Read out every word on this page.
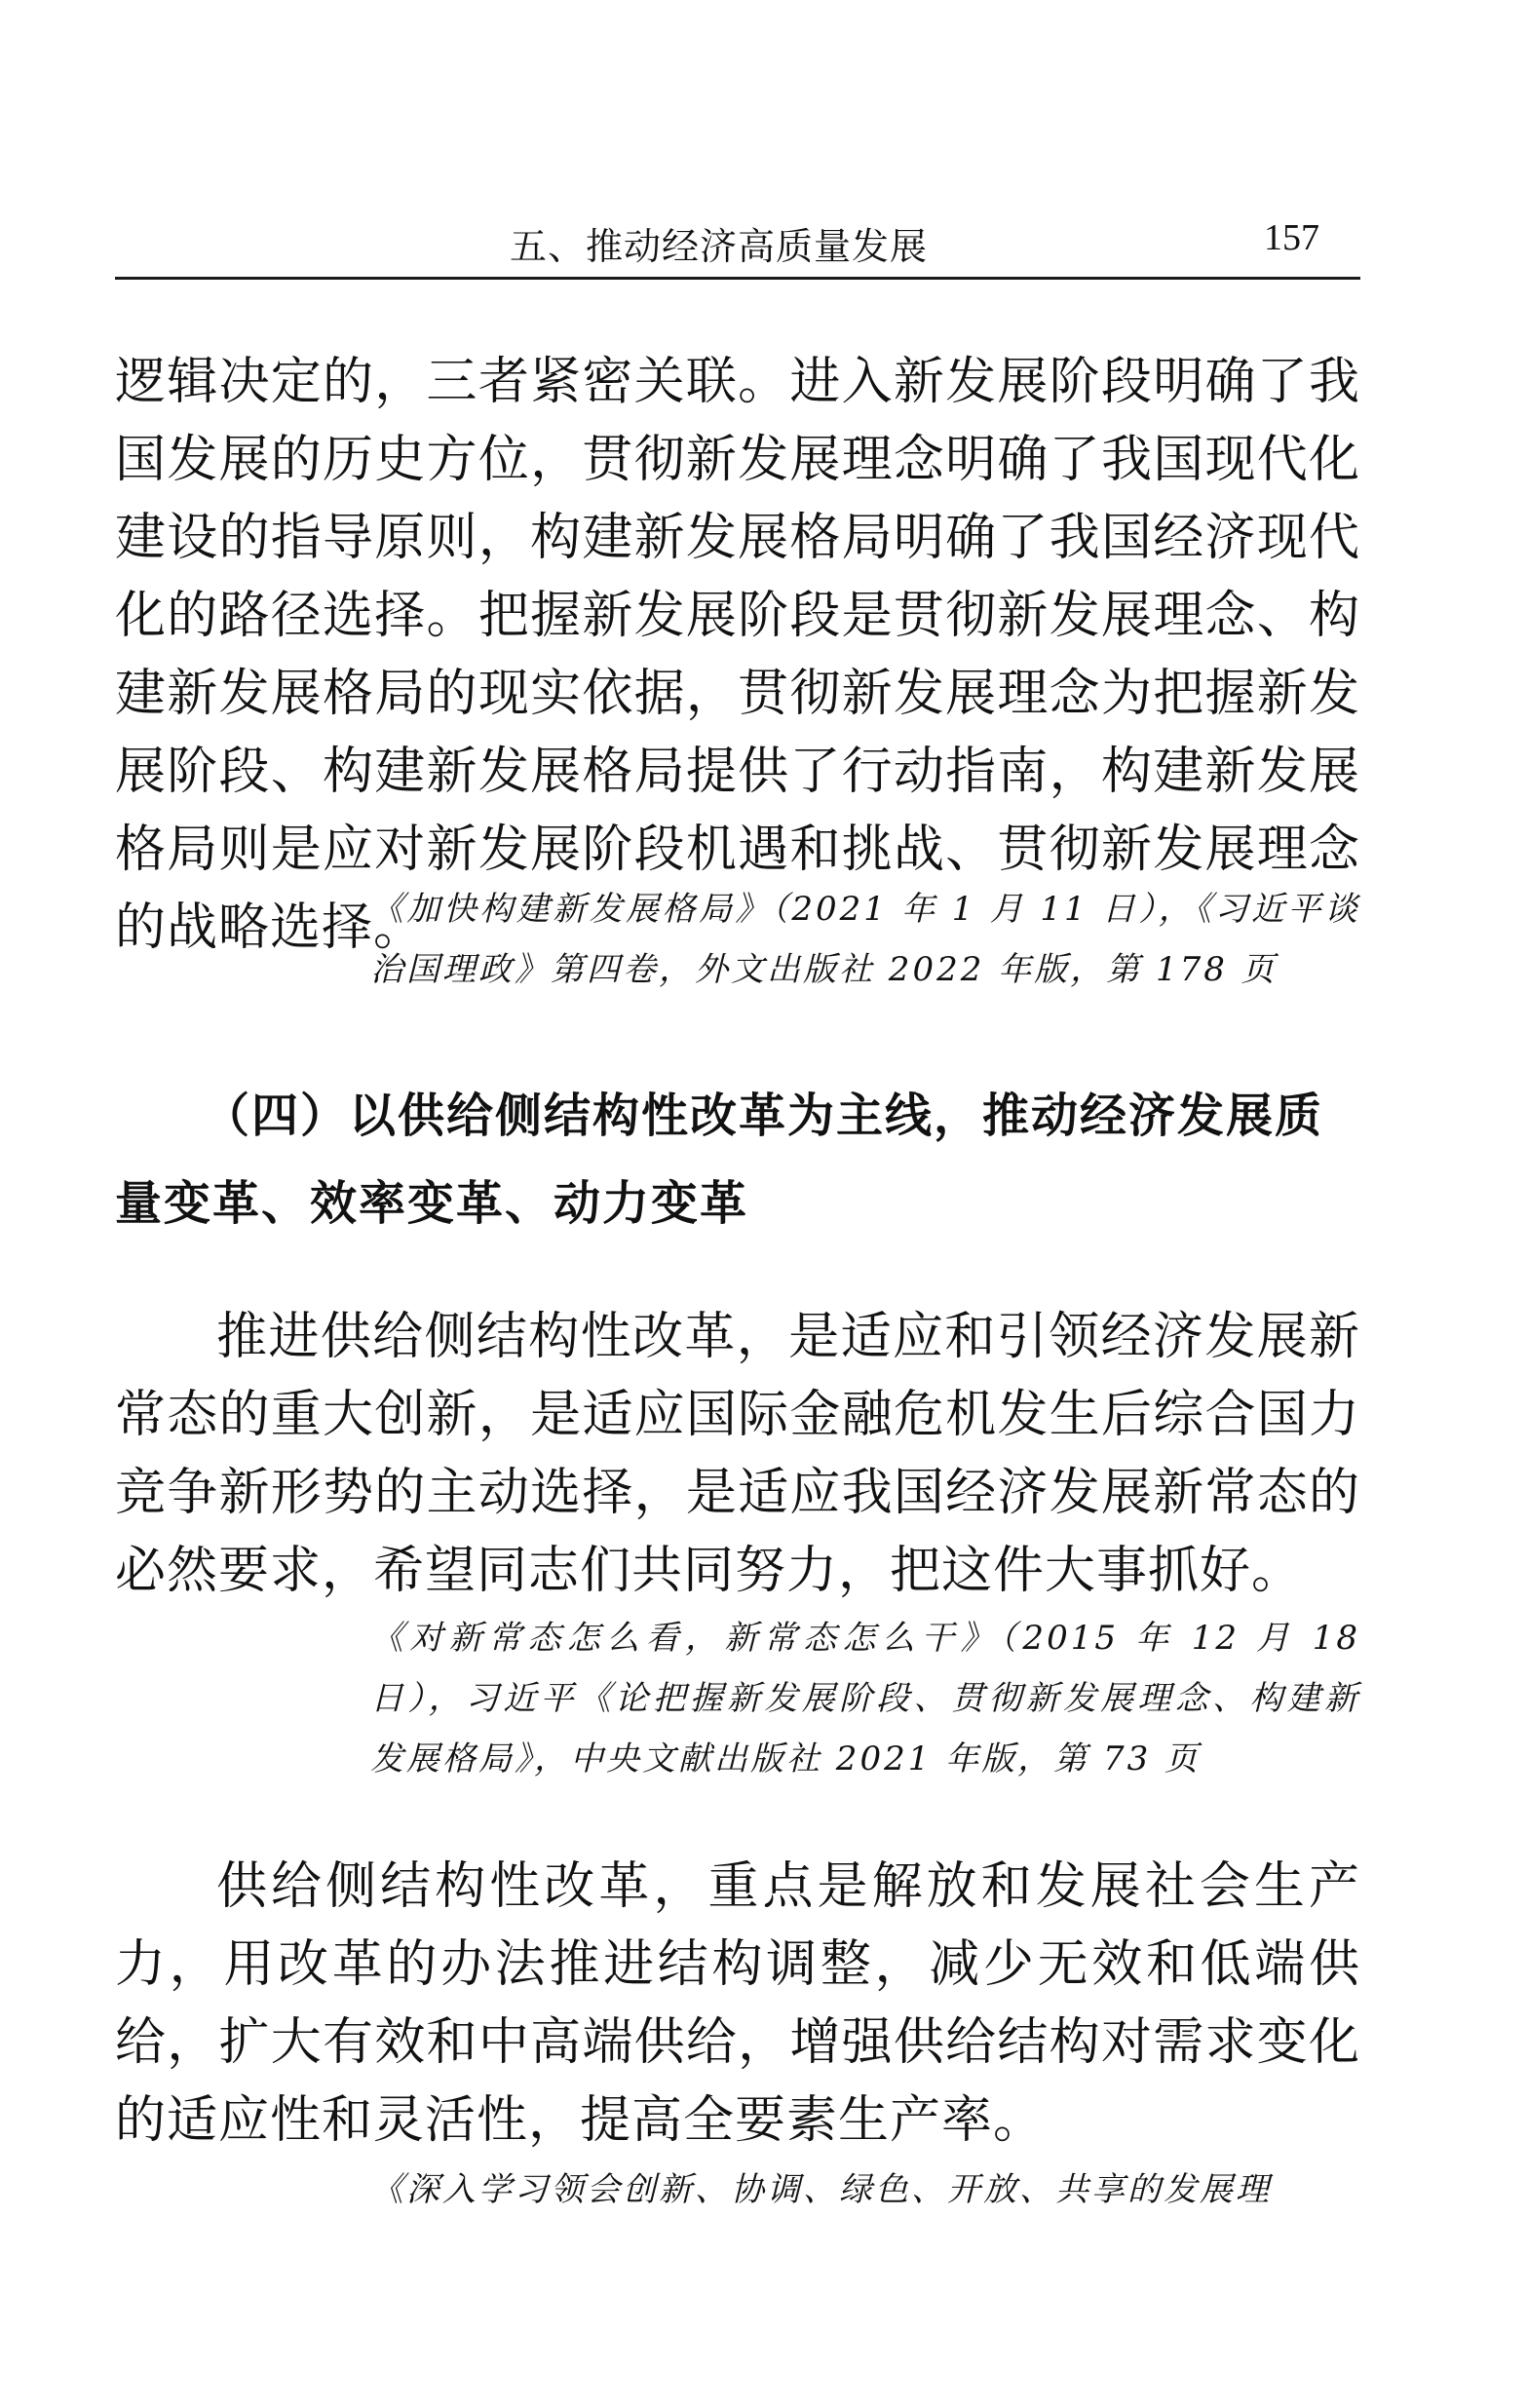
五、推动经济高质量发展	157
逻辑决定的，三者紧密关联。进入新发展阶段明确了我国发展的历史方位，贯彻新发展理念明确了我国现代化建设的指导原则，构建新发展格局明确了我国经济现代化的路径选择。把握新发展阶段是贯彻新发展理念、构建新发展格局的现实依据，贯彻新发展理念为把握新发展阶段、构建新发展格局提供了行动指南，构建新发展格局则是应对新发展阶段机遇和挑战、贯彻新发展理念的战略选择。
《加快构建新发展格局》（2021 年 1 月 11 日），《习近平谈治国理政》第四卷，外文出版社 2022 年版，第 178 页
（四）以供给侧结构性改革为主线，推动经济发展质量变革、效率变革、动力变革
推进供给侧结构性改革，是适应和引领经济发展新常态的重大创新，是适应国际金融危机发生后综合国力竞争新形势的主动选择，是适应我国经济发展新常态的必然要求，希望同志们共同努力，把这件大事抓好。
《对新常态怎么看，新常态怎么干》（2015 年 12 月 18 日），习近平《论把握新发展阶段、贯彻新发展理念、构建新发展格局》，中央文献出版社 2021 年版，第 73 页
供给侧结构性改革，重点是解放和发展社会生产力，用改革的办法推进结构调整，减少无效和低端供给，扩大有效和中高端供给，增强供给结构对需求变化的适应性和灵活性，提高全要素生产率。
《深入学习领会创新、协调、绿色、开放、共享的发展理
